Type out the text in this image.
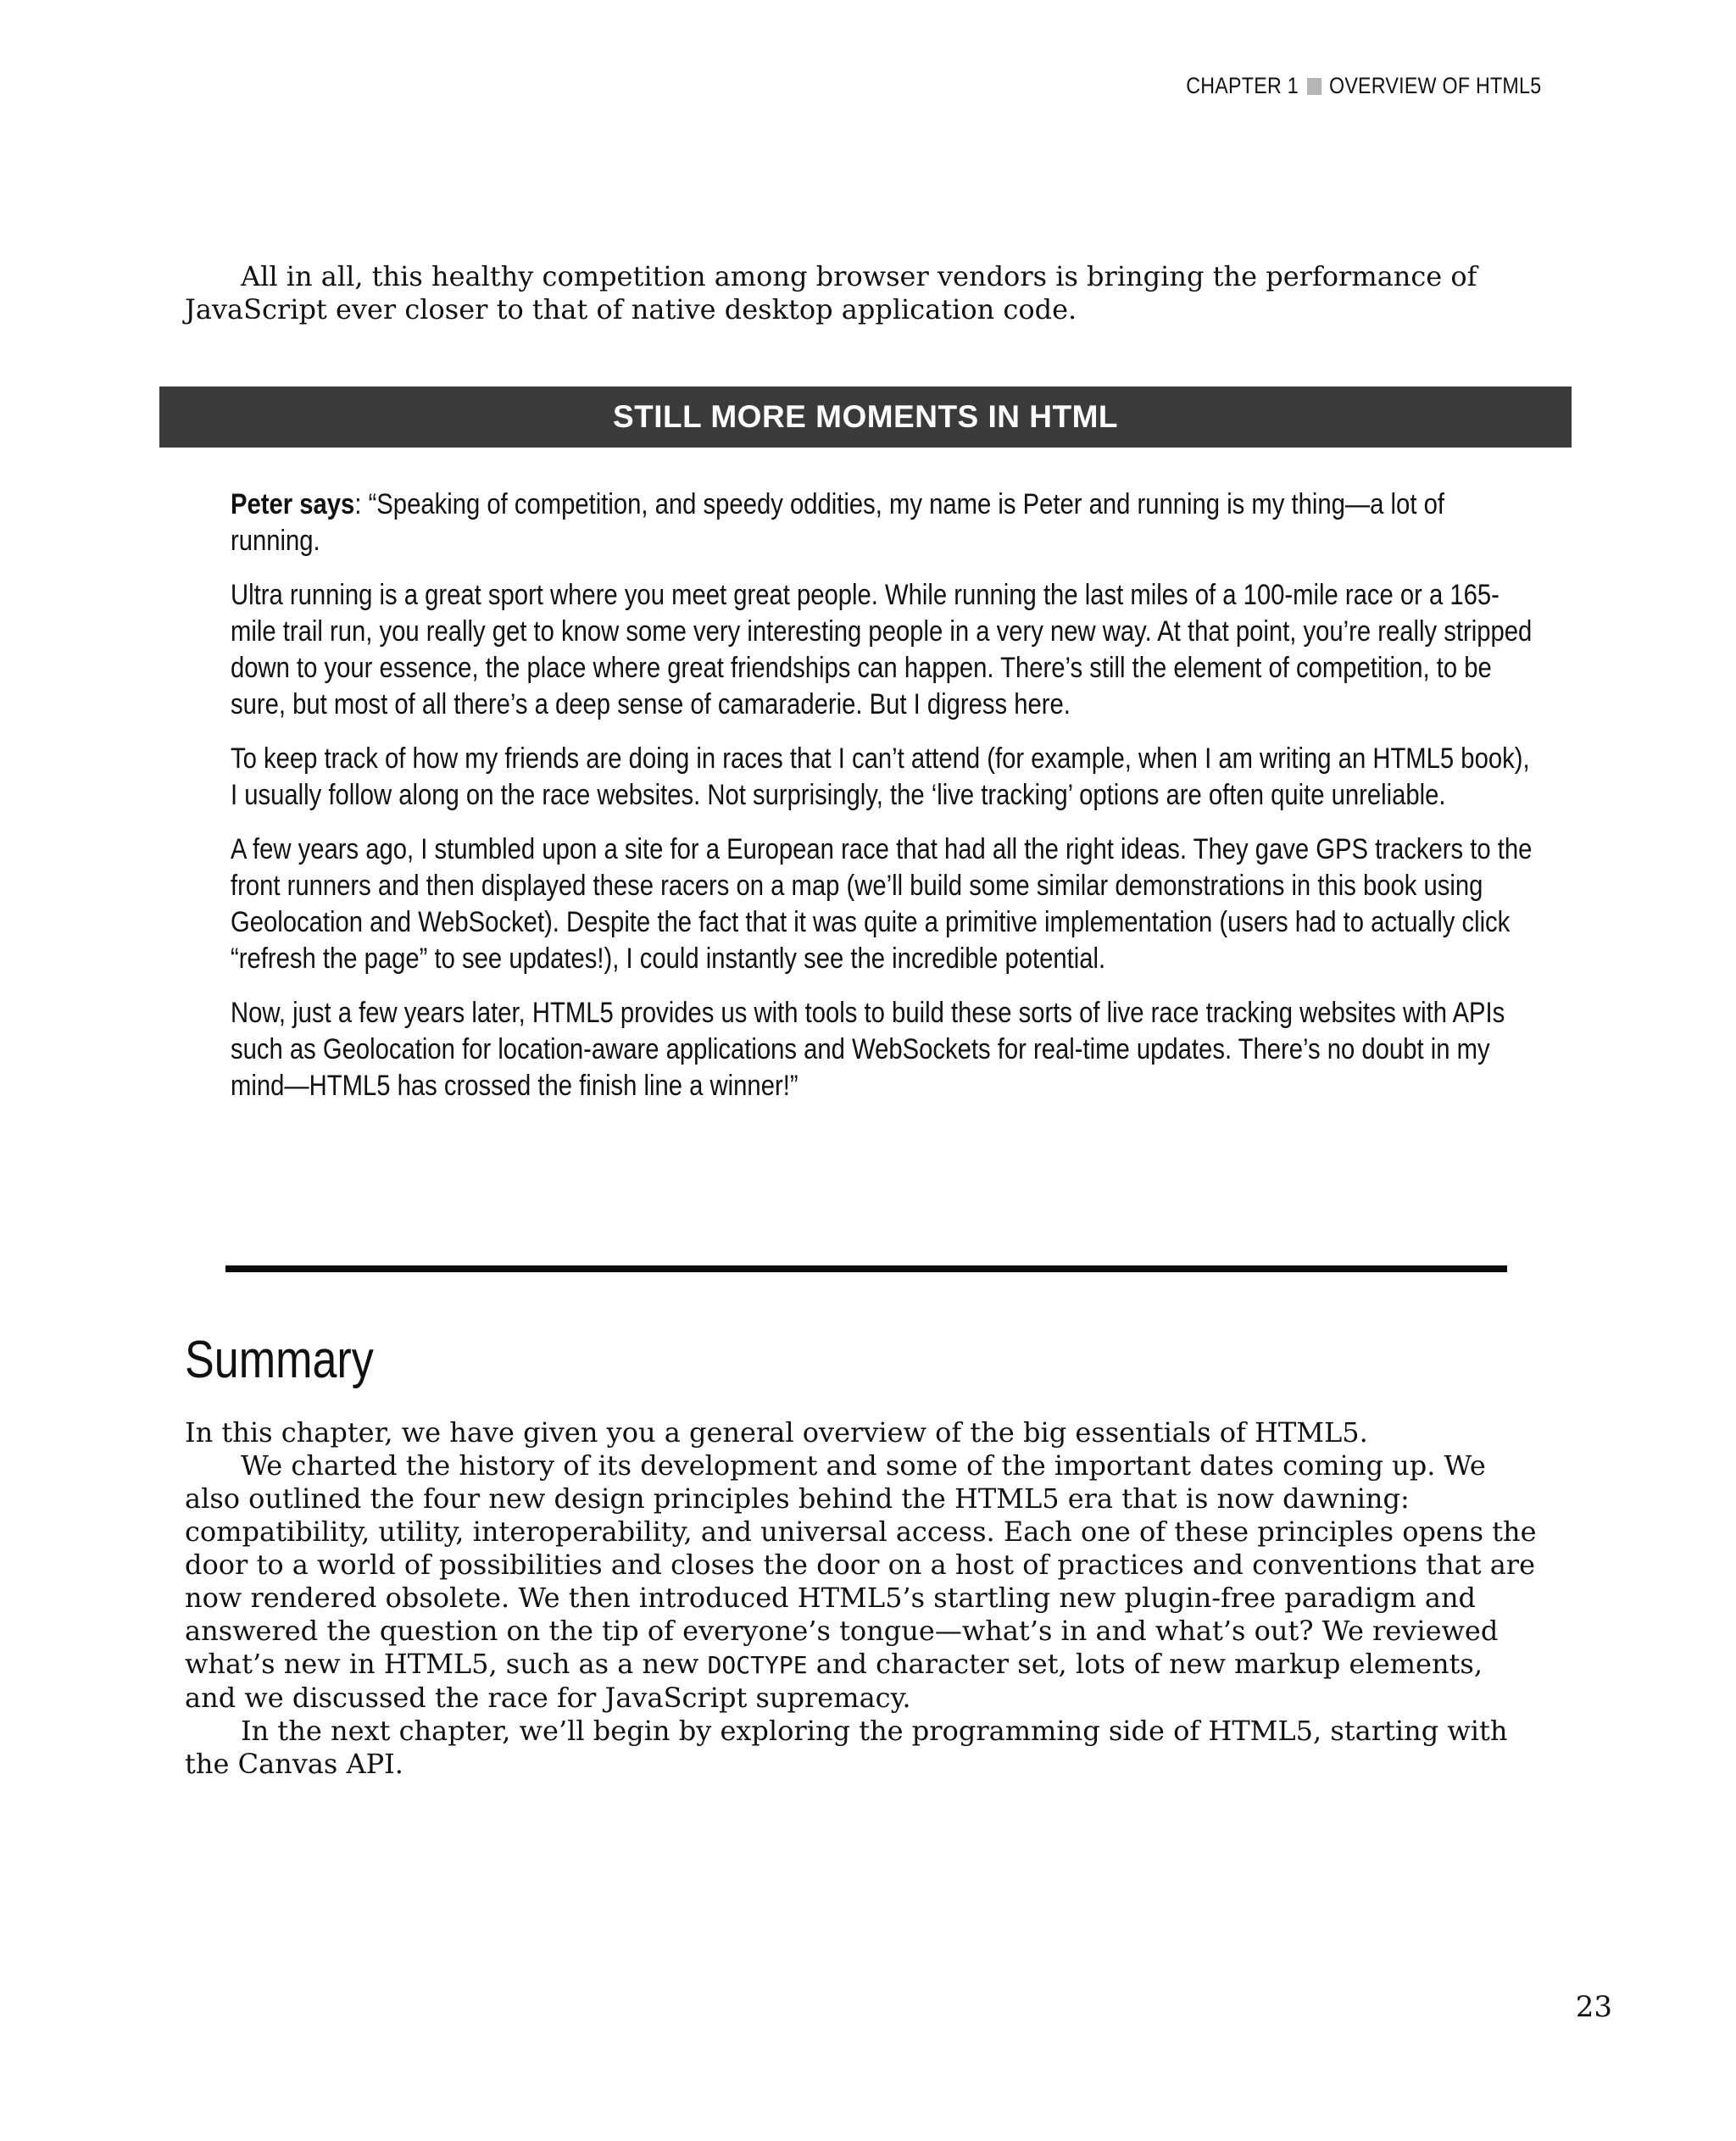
CHAPTER 1 OVERVIEW OF HTML5

All in all, this healthy competition among browser vendors is bringing the performance of JavaScript ever closer to that of native desktop application code.

STILL MORE MOMENTS IN HTML

Peter says: “Speaking of competition, and speedy oddities, my name is Peter and running is my thing—a lot of running.

Ultra running is a great sport where you meet great people. While running the last miles of a 100-mile race or a 165-mile trail run, you really get to know some very interesting people in a very new way. At that point, you’re really stripped down to your essence, the place where great friendships can happen. There’s still the element of competition, to be sure, but most of all there’s a deep sense of camaraderie. But I digress here.

To keep track of how my friends are doing in races that I can’t attend (for example, when I am writing an HTML5 book), I usually follow along on the race websites. Not surprisingly, the ‘live tracking’ options are often quite unreliable.

A few years ago, I stumbled upon a site for a European race that had all the right ideas. They gave GPS trackers to the front runners and then displayed these racers on a map (we’ll build some similar demonstrations in this book using Geolocation and WebSocket). Despite the fact that it was quite a primitive implementation (users had to actually click “refresh the page” to see updates!), I could instantly see the incredible potential.

Now, just a few years later, HTML5 provides us with tools to build these sorts of live race tracking websites with APIs such as Geolocation for location-aware applications and WebSockets for real-time updates. There’s no doubt in my mind—HTML5 has crossed the finish line a winner!”

Summary

In this chapter, we have given you a general overview of the big essentials of HTML5.

We charted the history of its development and some of the important dates coming up. We also outlined the four new design principles behind the HTML5 era that is now dawning: compatibility, utility, interoperability, and universal access. Each one of these principles opens the door to a world of possibilities and closes the door on a host of practices and conventions that are now rendered obsolete. We then introduced HTML5’s startling new plugin-free paradigm and answered the question on the tip of everyone’s tongue—what’s in and what’s out? We reviewed what’s new in HTML5, such as a new DOCTYPE and character set, lots of new markup elements, and we discussed the race for JavaScript supremacy.

In the next chapter, we’ll begin by exploring the programming side of HTML5, starting with the Canvas API.

23
